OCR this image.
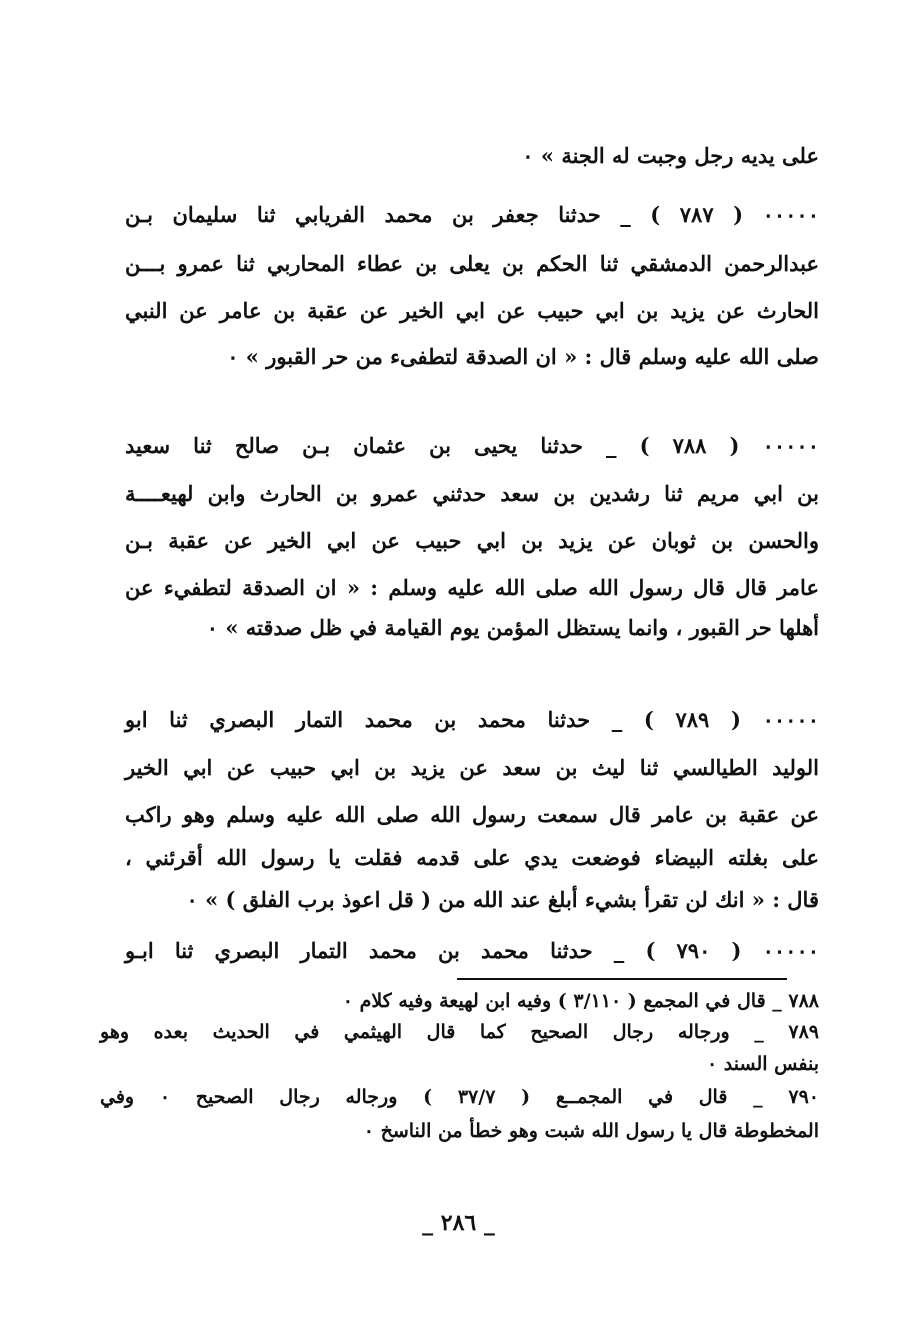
على يديه رجل وجبت له الجنة » ٠
٠٠٠٠٠ ( ٧٨٧ ) _ حدثنا جعفر بن محمد الفريابي ثنا سليمان بـن
عبدالرحمن الدمشقي ثنا الحكم بن يعلى بن عطاء المحاربي ثنا عمرو بـــن
الحارث عن يزيد بن ابي حبيب عن ابي الخير عن عقبة بن عامر عن النبي
صلى الله عليه وسلم قال : « ان الصدقة لتطفىء من حر القبور » ٠
٠٠٠٠٠ ( ٧٨٨ ) _ حدثنا يحيى بن عثمان بـن صالح ثنا سعيد
بن ابي مريم ثنا رشدين بن سعد حدثني عمرو بن الحارث وابن لهيعــــة
والحسن بن ثوبان عن يزيد بن ابي حبيب عن ابي الخير عن عقبة بـن
عامر قال قال رسول الله صلى الله عليه وسلم : « ان الصدقة لتطفيء عن
أهلها حر القبور ، وانما يستظل المؤمن يوم القيامة في ظل صدقته » ٠
٠٠٠٠٠ ( ٧٨٩ ) _ حدثنا محمد بن محمد التمار البصري ثنا ابو
الوليد الطيالسي ثنا ليث بن سعد عن يزيد بن ابي حبيب عن ابي الخير
عن عقبة بن عامر قال سمعت رسول الله صلى الله عليه وسلم وهو راكب
على بغلته البيضاء فوضعت يدي على قدمه فقلت يا رسول الله أقرئني ،
قال : « انك لن تقرأ بشيء أبلغ عند الله من ( قل اعوذ برب الفلق ) » ٠
٠٠٠٠٠ ( ٧٩٠ ) _ حدثنا محمد بن محمد التمار البصري ثنا ابـو
٧٨٨ _ قال في المجمع ( ٣/١١٠ ) وفيه ابن لهيعة وفيه كلام ٠
٧٨٩ _ ورجاله رجال الصحيح كما قال الهيثمي في الحديث بعده وهو
بنفس السند ٠
٧٩٠ _ قال في المجمــع ( ٣٧/٧ ) ورجاله رجال الصحيح ٠ وفي
المخطوطة قال يا رسول الله شبت وهو خطأ من الناسخ ٠
_ ٢٨٦ _
